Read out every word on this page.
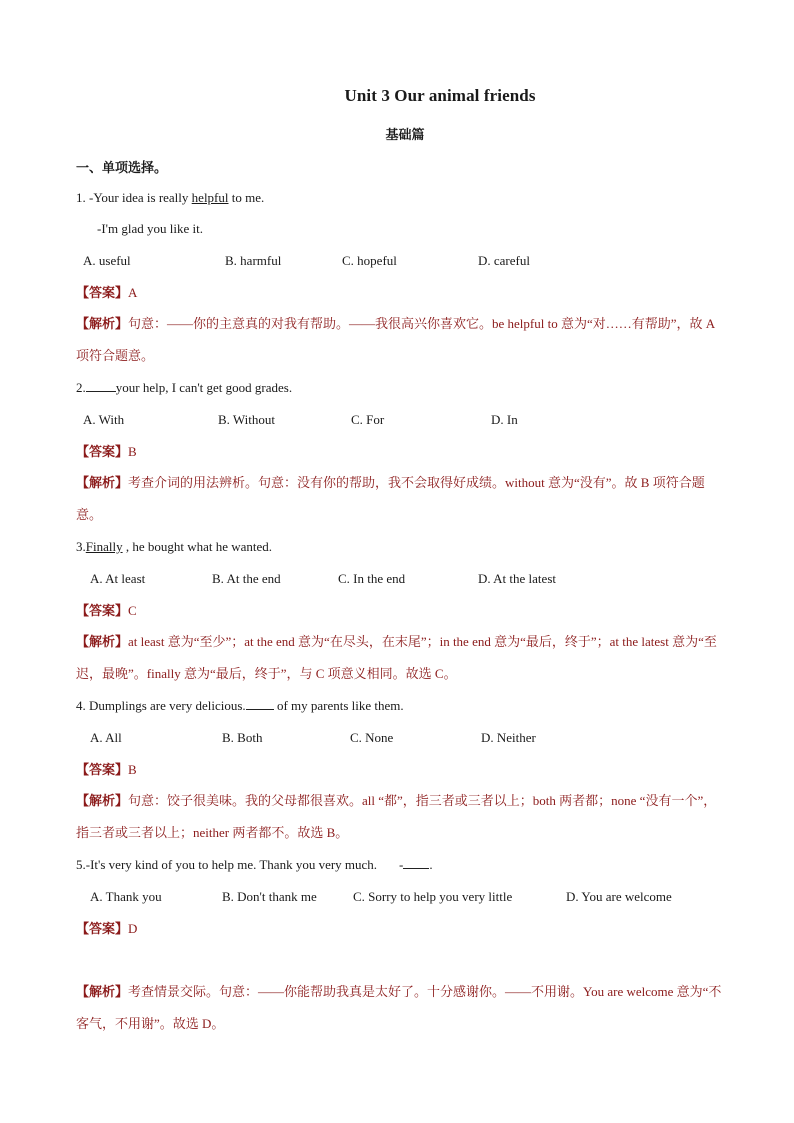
Unit 3 Our animal friends
基础篇
一、单项选择。
1. -Your idea is really helpful to me.
-I'm glad you like it.
A. useful	B. harmful	C. hopeful	D. careful
【答案】A
【解析】句意：——你的主意真的对我有帮助。——我很高兴你喜欢它。be helpful to 意为“对……有帮助”，故 A 项符合题意。
2. your help, I can't get good grades.
A. With	B. Without	C. For	D. In
【答案】B
【解析】考查介词的用法辨析。句意：没有你的帮助，我不会取得好成绩。without 意为“没有”。故 B 项符合题意。
3.Finally , he bought what he wanted.
A. At least	B. At the end	C. In the end	D. At the latest
【答案】C
【解析】at least 意为“至少”；at the end 意为“在尽头，在末尾”；in the end 意为“最后，终于”；at the latest 意为“至迟，最晚”。finally 意为“最后，终于”，与 C 项意义相同。故选 C。
4. Dumplings are very delicious. of my parents like them.
A. All	B. Both	C. None	D. Neither
【答案】B
【解析】句意：饺子很美味。我的父母都很喜欢。all “都”，指三者或三者以上；both 两者都；none “没有一个”，指三者或三者以上；neither 两者都不。故选 B。
5.-It's very kind of you to help me. Thank you very much. - .
A. Thank you	B. Don't thank me	C. Sorry to help you very little	D. You are welcome
【答案】D
【解析】考查情景交际。句意：——你能帮助我真是太好了。十分感谢你。——不用谢。You are welcome 意为“不客气，不用谢”。故选 D。
